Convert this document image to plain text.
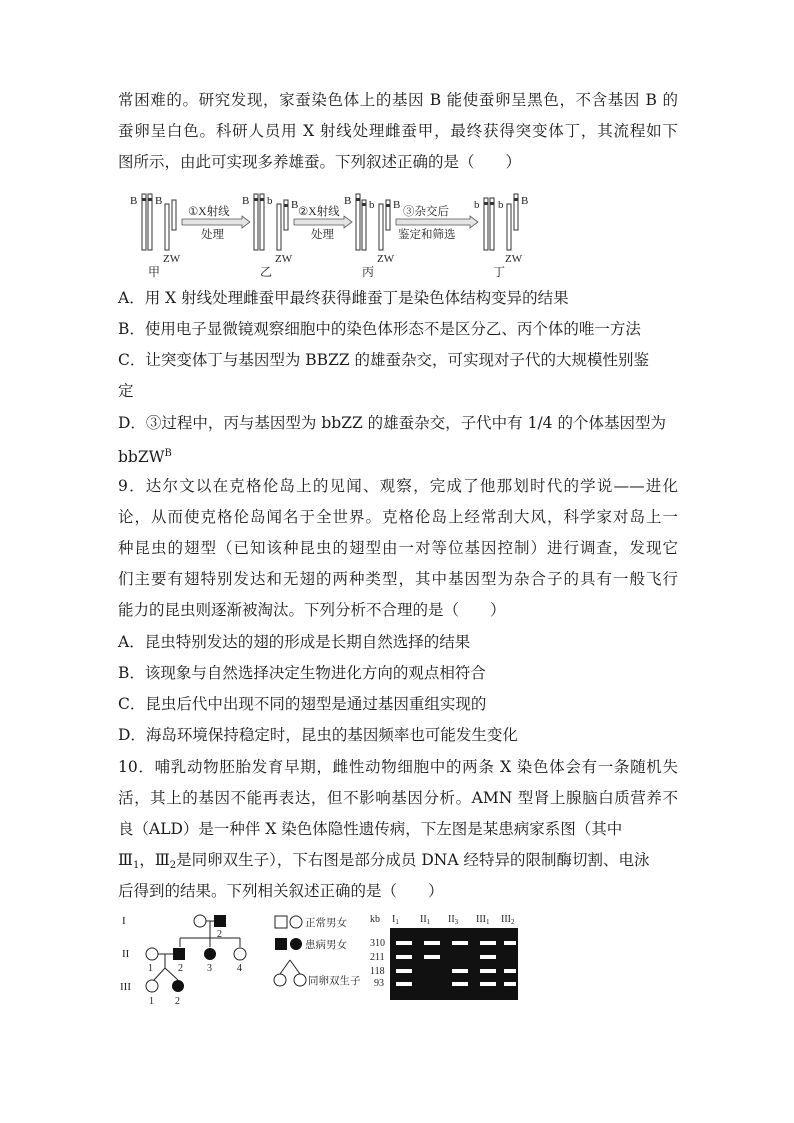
常困难的。研究发现，家蚕染色体上的基因 B 能使蚕卵呈黑色，不含基因 B 的
蚕卵呈白色。科研人员用 X 射线处理雌蚕甲，最终获得突变体丁，其流程如下
图所示，由此可实现多养雄蚕。下列叙述正确的是（　　）
B B	B b B	B b B	b b B
ZW	ZW	ZW	ZW
甲	乙	丙	丁
①X射线
处理
②X射线
处理
③杂交后
鉴定和筛选
A．用 X 射线处理雌蚕甲最终获得雌蚕丁是染色体结构变异的结果
B．使用电子显微镜观察细胞中的染色体形态不是区分乙、丙个体的唯一方法
C．让突变体丁与基因型为 BBZZ 的雄蚕杂交，可实现对子代的大规模性别鉴
定
D．③过程中，丙与基因型为 bbZZ 的雄蚕杂交，子代中有 1/4 的个体基因型为
bbZW$^B$
9．达尔文以在克格伦岛上的见闻、观察，完成了他那划时代的学说——进化
论，从而使克格伦岛闻名于全世界。克格伦岛上经常刮大风，科学家对岛上一
种昆虫的翅型（已知该种昆虫的翅型由一对等位基因控制）进行调查，发现它
们主要有翅特别发达和无翅的两种类型，其中基因型为杂合子的具有一般飞行
能力的昆虫则逐渐被淘汰。下列分析不合理的是（　　）
A．昆虫特别发达的翅的形成是长期自然选择的结果
B．该现象与自然选择决定生物进化方向的观点相符合
C．昆虫后代中出现不同的翅型是通过基因重组实现的
D．海岛环境保持稳定时，昆虫的基因频率也可能发生变化
10．哺乳动物胚胎发育早期，雌性动物细胞中的两条 X 染色体会有一条随机失
活，其上的基因不能再表达，但不影响基因分析。AMN 型肾上腺脑白质营养不
良（ALD）是一种伴 X 染色体隐性遗传病，下左图是某患病家系图（其中
$Ⅲ_1$，$Ⅲ_2$是同卵双生子），下右图是部分成员 DNA 经特异的限制酶切割、电泳
后得到的结果。下列相关叙述正确的是（　　）
I
II
III
2
1	2 3	4
1 2
正常男女
患病男女
同卵双生子
kb $I_1$ $II_1$ $II_3$ $III_1$ $III_2$
310
211
118
93
